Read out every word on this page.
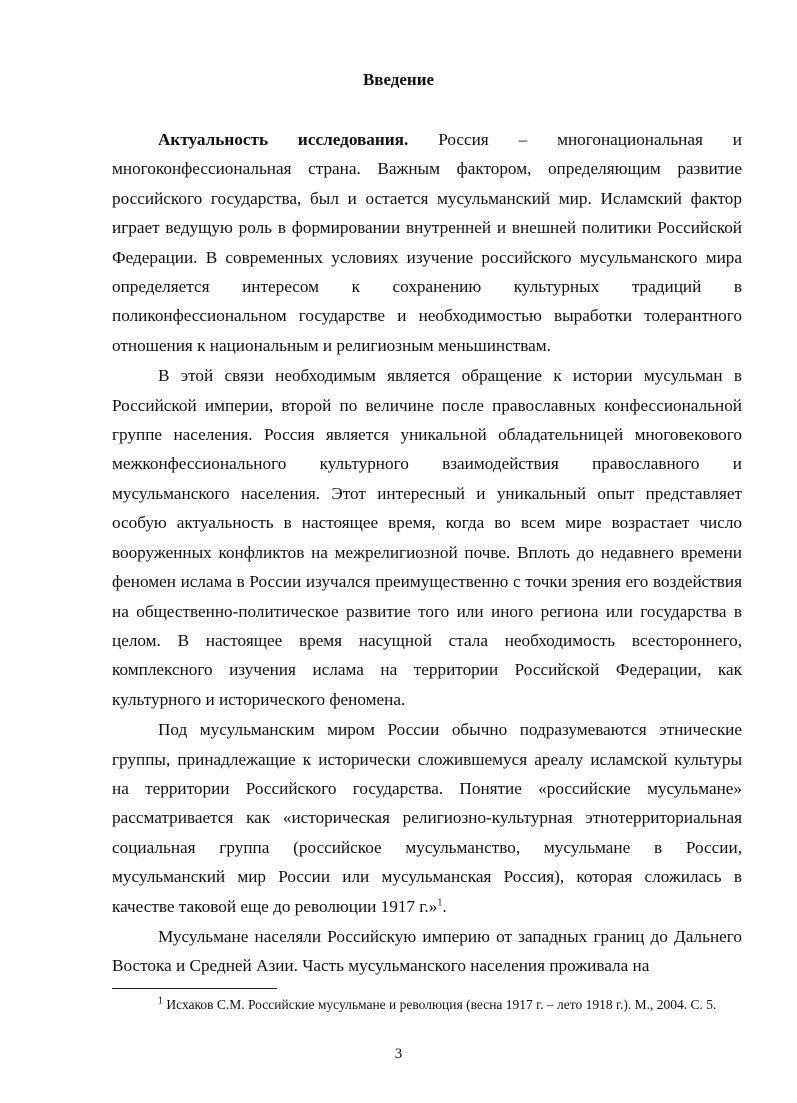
Введение

Актуальность исследования. Россия – многонациональная и многоконфессиональная страна. Важным фактором, определяющим развитие российского государства, был и остается мусульманский мир. Исламский фактор играет ведущую роль в формировании внутренней и внешней политики Российской Федерации. В современных условиях изучение российского мусульманского мира определяется интересом к сохранению культурных традиций в поликонфессиональном государстве и необходимостью выработки толерантного отношения к национальным и религиозным меньшинствам.

В этой связи необходимым является обращение к истории мусульман в Российской империи, второй по величине после православных конфессиональной группе населения. Россия является уникальной обладательницей многовекового межконфессионального культурного взаимодействия православного и мусульманского населения. Этот интересный и уникальный опыт представляет особую актуальность в настоящее время, когда во всем мире возрастает число вооруженных конфликтов на межрелигиозной почве. Вплоть до недавнего времени феномен ислама в России изучался преимущественно с точки зрения его воздействия на общественно-политическое развитие того или иного региона или государства в целом. В настоящее время насущной стала необходимость всестороннего, комплексного изучения ислама на территории Российской Федерации, как культурного и исторического феномена.

Под мусульманским миром России обычно подразумеваются этнические группы, принадлежащие к исторически сложившемуся ареалу исламской культуры на территории Российского государства. Понятие «российские мусульмане» рассматривается как «историческая религиозно-культурная этнотерриториальная социальная группа (российское мусульманство, мусульмане в России, мусульманский мир России или мусульманская Россия), которая сложилась в качестве таковой еще до революции 1917 г.»$^1$.

Мусульмане населяли Российскую империю от западных границ до Дальнего Востока и Средней Азии. Часть мусульманского населения проживала на

$^1$ Исхаков С.М. Российские мусульмане и революция (весна 1917 г. – лето 1918 г.). М., 2004. С. 5.
3
